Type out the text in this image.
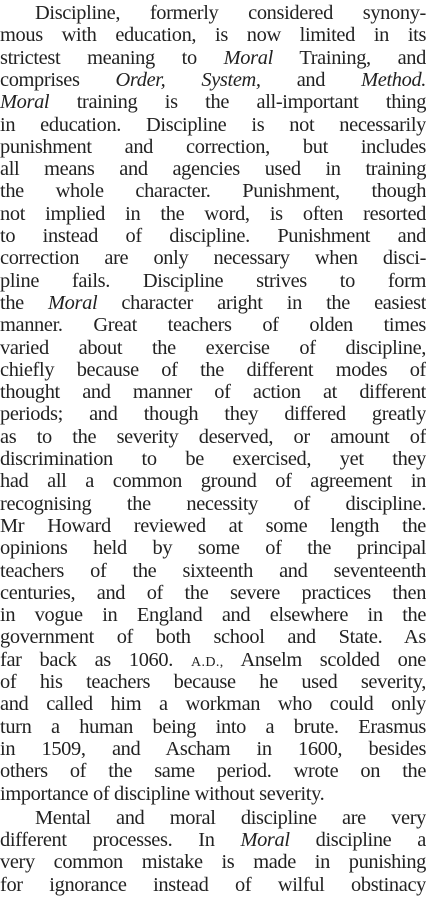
Discipline, formerly considered synony-
mous with education, is now limited in its
strictest meaning to Moral Training, and
comprises Order, System, and Method.
Moral training is the all-important thing
in education. Discipline is not necessarily
punishment and correction, but includes
all means and agencies used in training
the whole character. Punishment, though
not implied in the word, is often resorted
to instead of discipline. Punishment and
correction are only necessary when disci-
pline fails. Discipline strives to form
the Moral character aright in the easiest
manner. Great teachers of olden times
varied about the exercise of discipline,
chiefly because of the different modes of
thought and manner of action at different
periods; and though they differed greatly
as to the severity deserved, or amount of
discrimination to be exercised, yet they
had all a common ground of agreement in
recognising the necessity of discipline.
Mr Howard reviewed at some length the
opinions held by some of the principal
teachers of the sixteenth and seventeenth
centuries, and of the severe practices then
in vogue in England and elsewhere in the
government of both school and State. As
far back as 1060. A.D., Anselm scolded one
of his teachers because he used severity,
and called him a workman who could only
turn a human being into a brute. Erasmus
in 1509, and Ascham in 1600, besides
others of the same period. wrote on the
importance of discipline without severity.
Mental and moral discipline are very
different processes. In Moral discipline a
very common mistake is made in punishing
for ignorance instead of wilful obstinacy
